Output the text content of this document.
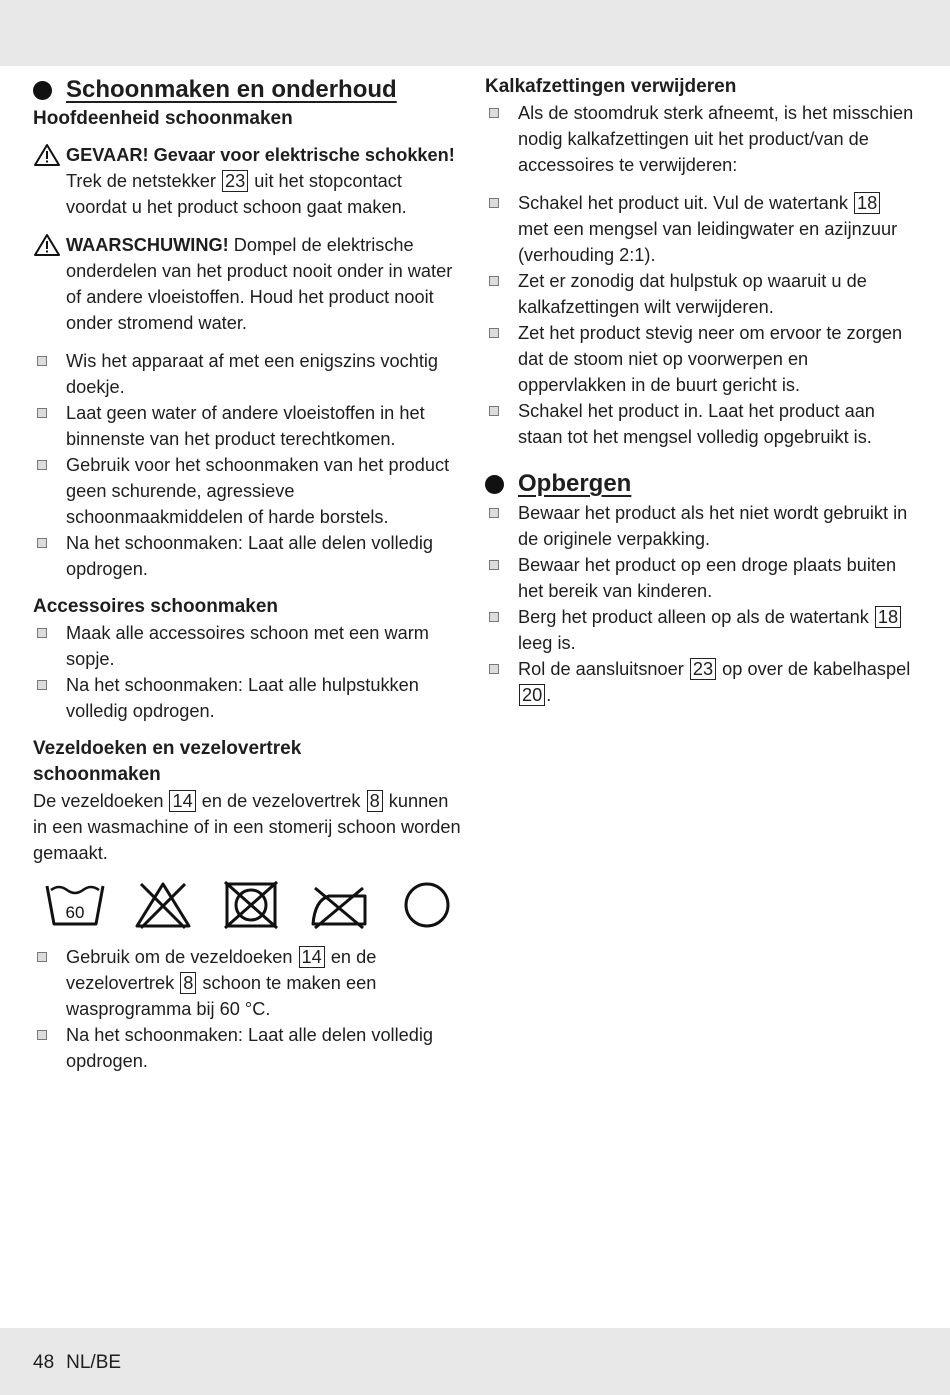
Schoonmaken en onderhoud
Hoofdeenheid schoonmaken
GEVAAR! Gevaar voor elektrische schokken! Trek de netstekker 23 uit het stopcontact voordat u het product schoon gaat maken.
WAARSCHUWING! Dompel de elektrische onderdelen van het product nooit onder in water of andere vloeistoffen. Houd het product nooit onder stromend water.
Wis het apparaat af met een enigszins vochtig doekje.
Laat geen water of andere vloeistoffen in het binnenste van het product terechtkomen.
Gebruik voor het schoonmaken van het product geen schurende, agressieve schoonmaakmiddelen of harde borstels.
Na het schoonmaken: Laat alle delen volledig opdrogen.
Accessoires schoonmaken
Maak alle accessoires schoon met een warm sopje.
Na het schoonmaken: Laat alle hulpstukken volledig opdrogen.
Vezeldoeken en vezelovertrek schoonmaken
De vezeldoeken 14 en de vezelovertrek 8 kunnen in een wasmachine of in een stomerij schoon worden gemaakt.
60
Gebruik om de vezeldoeken 14 en de vezelovertrek 8 schoon te maken een wasprogramma bij 60 °C.
Na het schoonmaken: Laat alle delen volledig opdrogen.
Kalkafzettingen verwijderen
Als de stoomdruk sterk afneemt, is het misschien nodig kalkafzettingen uit het product/van de accessoires te verwijderen:
Schakel het product uit. Vul de watertank 18 met een mengsel van leidingwater en azijnzuur (verhouding 2:1).
Zet er zonodig dat hulpstuk op waaruit u de kalkafzettingen wilt verwijderen.
Zet het product stevig neer om ervoor te zorgen dat de stoom niet op voorwerpen en oppervlakken in de buurt gericht is.
Schakel het product in. Laat het product aan staan tot het mengsel volledig opgebruikt is.
Opbergen
Bewaar het product als het niet wordt gebruikt in de originele verpakking.
Bewaar het product op een droge plaats buiten het bereik van kinderen.
Berg het product alleen op als de watertank 18 leeg is.
Rol de aansluitsnoer 23 op over de kabelhaspel 20 .
48 NL/BE
